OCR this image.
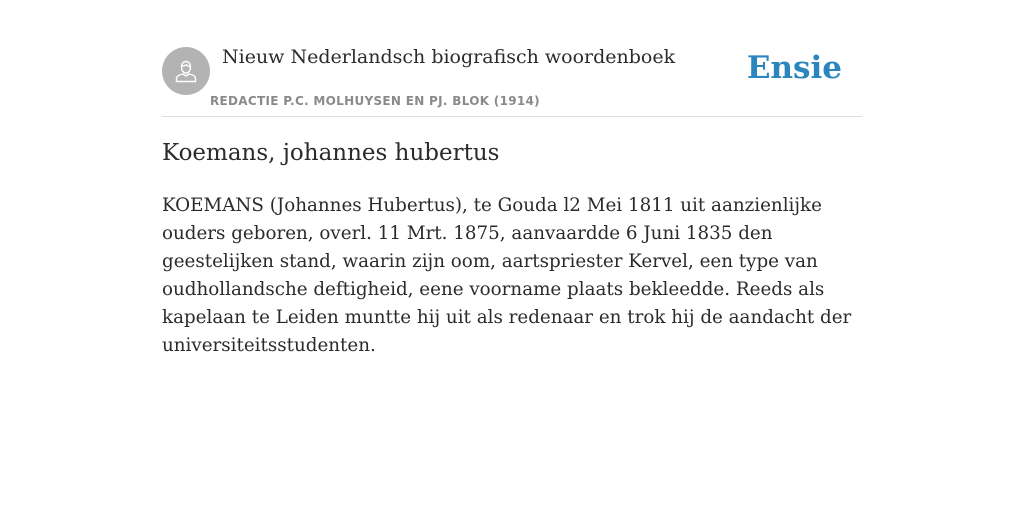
Nieuw Nederlandsch biografisch woordenboek
REDACTIE P.C. MOLHUYSEN EN PJ. BLOK (1914)
Ensie
Koemans, johannes hubertus

KOEMANS (Johannes Hubertus), te Gouda l2 Mei 1811 uit aanzienlijke ouders geboren, overl. 11 Mrt. 1875, aanvaardde 6 Juni 1835 den geestelijken stand, waarin zijn oom, aartspriester Kervel, een type van oudhollandsche deftigheid, eene voorname plaats bekleedde. Reeds als kapelaan te Leiden muntte hij uit als redenaar en trok hij de aandacht der universiteitsstudenten.
